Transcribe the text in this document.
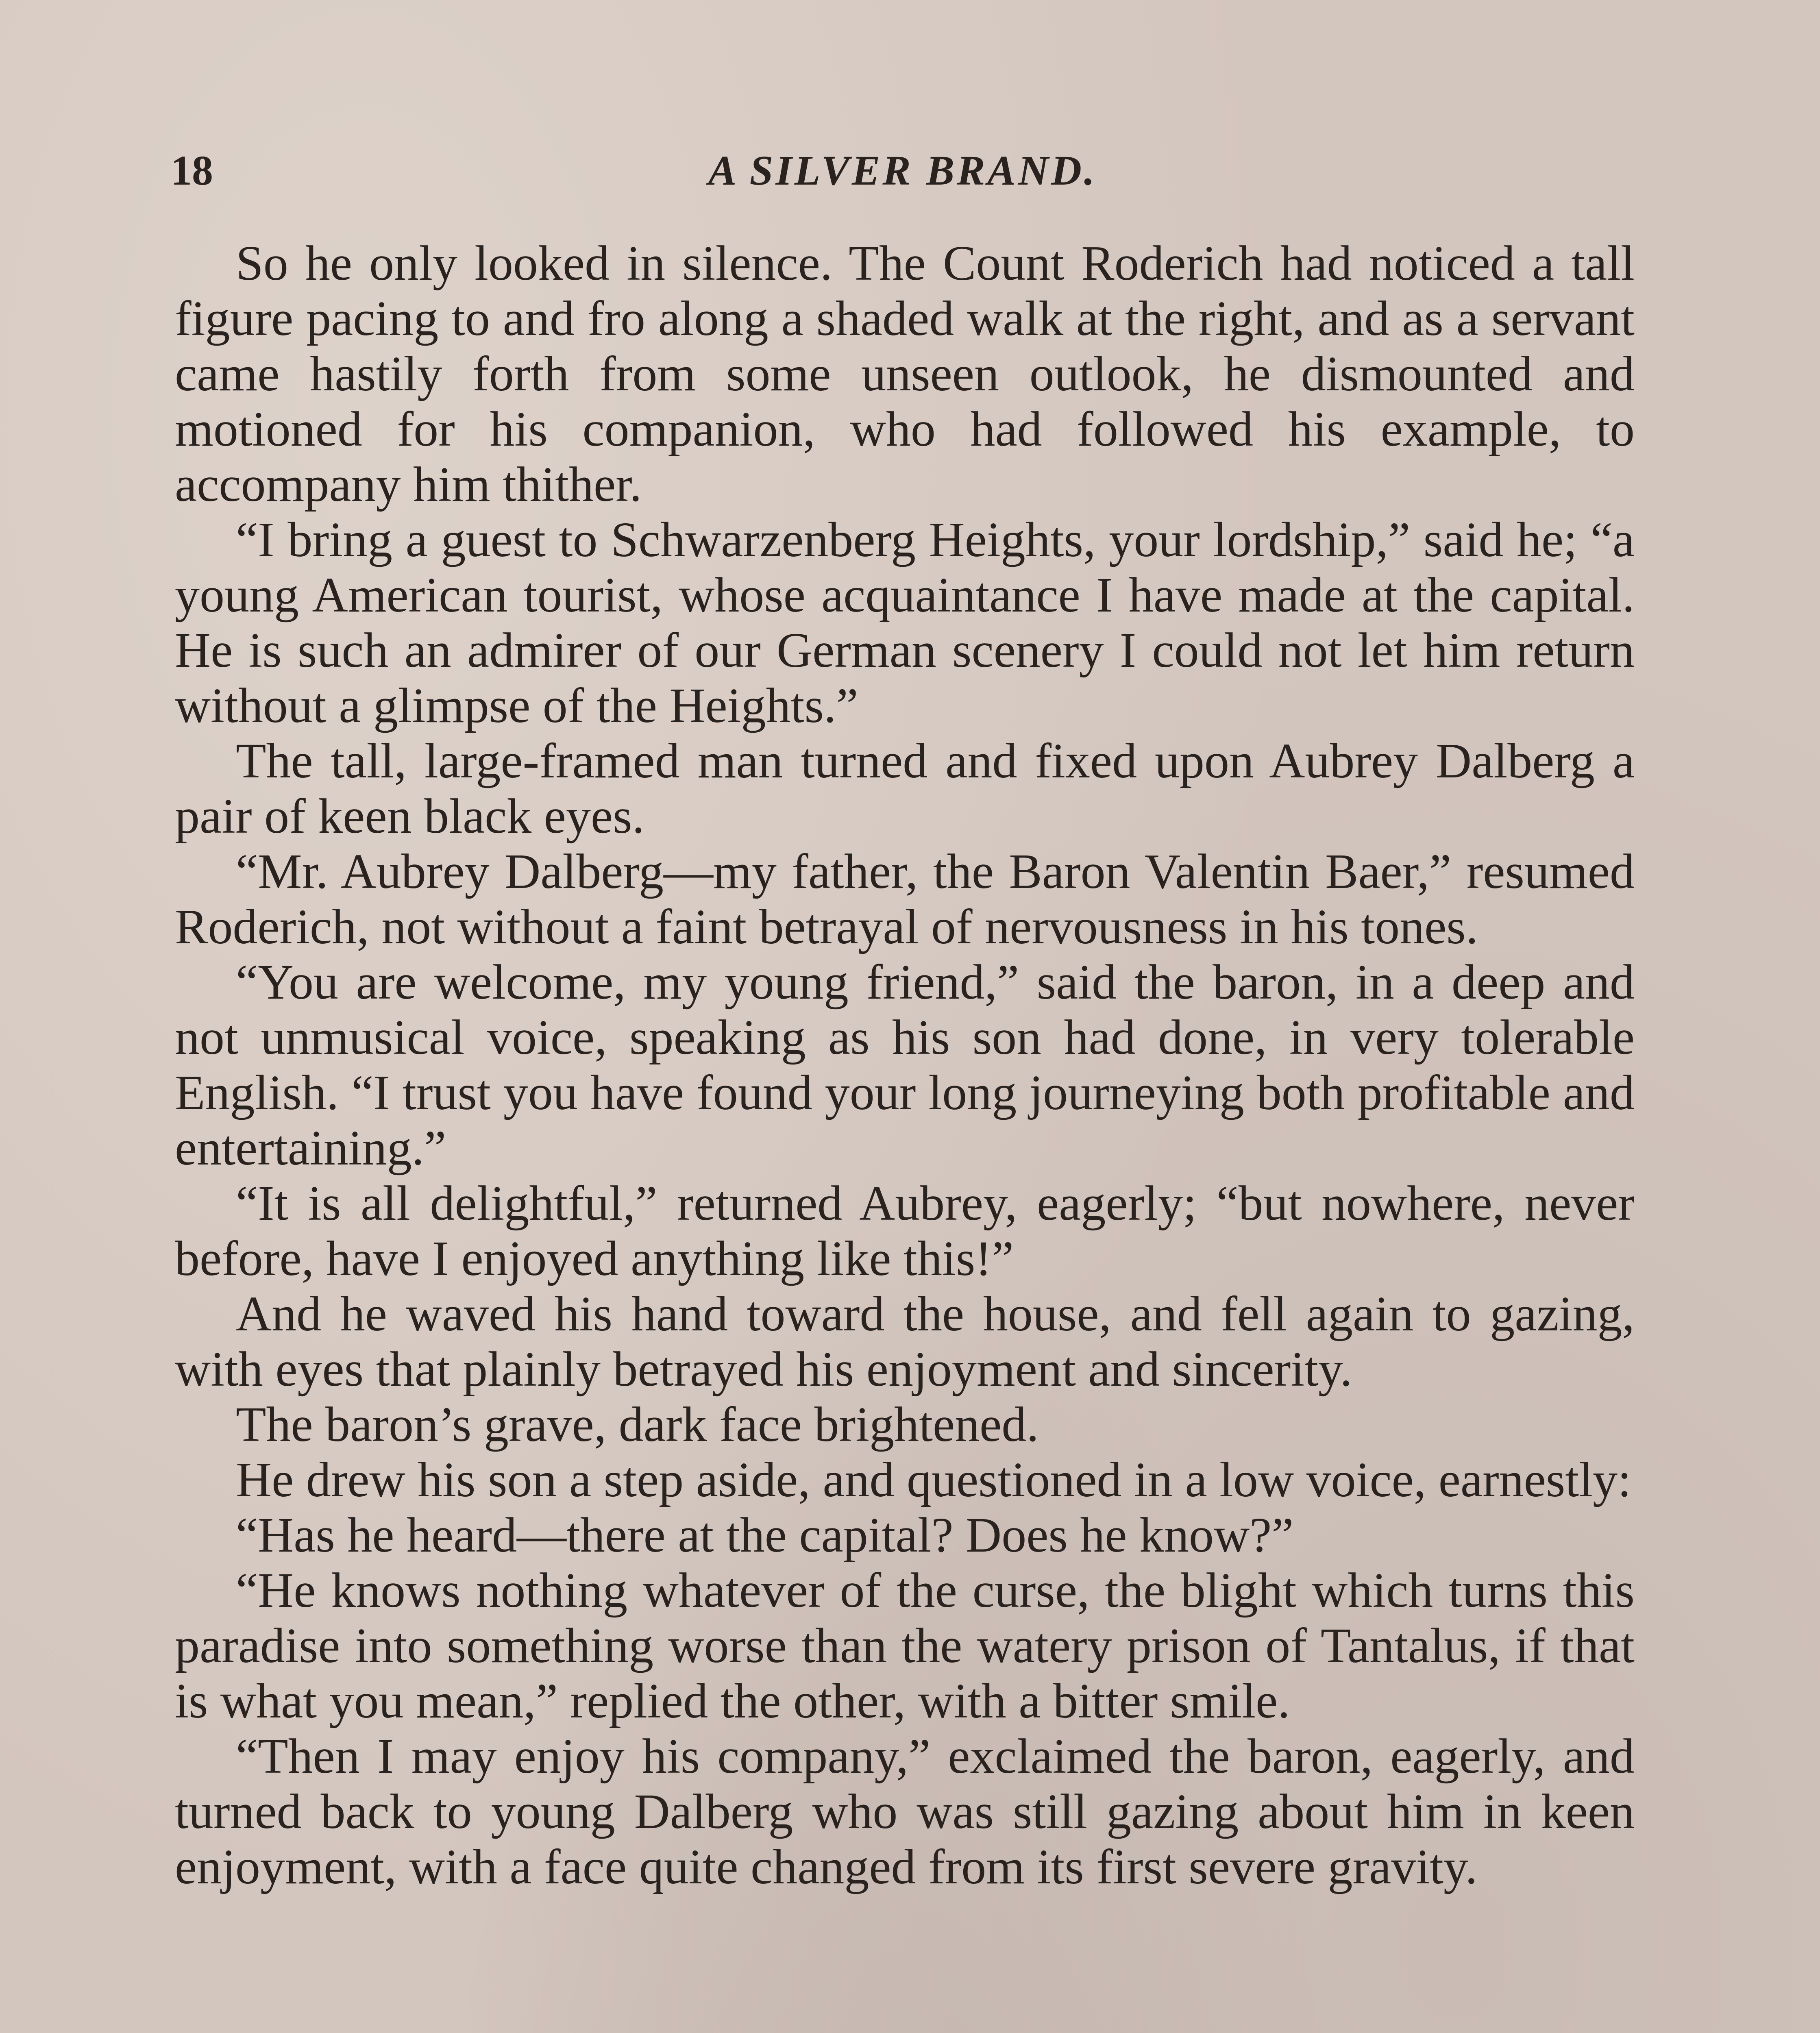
18	A SILVER BRAND.

So he only looked in silence. The Count Roderich had noticed a tall figure pacing to and fro along a shaded walk at the right, and as a servant came hastily forth from some unseen outlook, he dismounted and motioned for his companion, who had followed his example, to accompany him thither.

“I bring a guest to Schwarzenberg Heights, your lordship,” said he; “a young American tourist, whose acquaintance I have made at the capital. He is such an admirer of our German scenery I could not let him return without a glimpse of the Heights.”

The tall, large-framed man turned and fixed upon Aubrey Dalberg a pair of keen black eyes.

“Mr. Aubrey Dalberg—my father, the Baron Valentin Baer,” resumed Roderich, not without a faint betrayal of nervousness in his tones.

“You are welcome, my young friend,” said the baron, in a deep and not unmusical voice, speaking as his son had done, in very tolerable English. “I trust you have found your long journeying both profitable and entertaining.”

“It is all delightful,” returned Aubrey, eagerly; “but nowhere, never before, have I enjoyed anything like this!”

And he waved his hand toward the house, and fell again to gazing, with eyes that plainly betrayed his enjoyment and sincerity.

The baron’s grave, dark face brightened.

He drew his son a step aside, and questioned in a low voice, earnestly:

“Has he heard—there at the capital? Does he know?”

“He knows nothing whatever of the curse, the blight which turns this paradise into something worse than the watery prison of Tantalus, if that is what you mean,” replied the other, with a bitter smile.

“Then I may enjoy his company,” exclaimed the baron, eagerly, and turned back to young Dalberg who was still gazing about him in keen enjoyment, with a face quite changed from its first severe gravity.
